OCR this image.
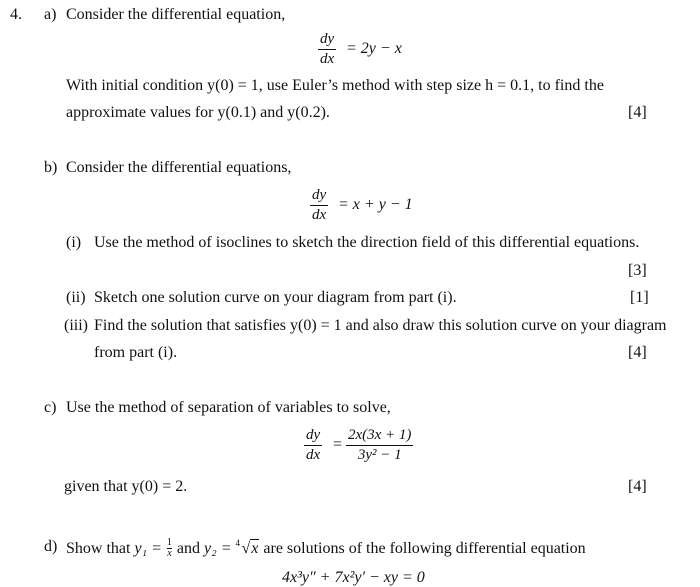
4. a) Consider the differential equation,
dy
dx
= 2y − x
With initial condition y(0) = 1, use Euler’s method with step size h = 0.1, to find the
approximate values for y(0.1) and y(0.2).	[4]
b) Consider the differential equations,
dy
dx
= x + y − 1
(i) Use the method of isoclines to sketch the direction field of this differential equations.
[3]
(ii) Sketch one solution curve on your diagram from part (i).	[1]
(iii) Find the solution that satisfies y(0) = 1 and also draw this solution curve on your diagram
from part (i).	[4]
c) Use the method of separation of variables to solve,
dy
dx
=
2x(3x + 1)
3y² − 1
given that y(0) = 2.	[4]
d) Show that y₁ = 1
x and y₂ = 4 √x are solutions of the following differential equation
4x³y″ + 7x²y′ − xy = 0
